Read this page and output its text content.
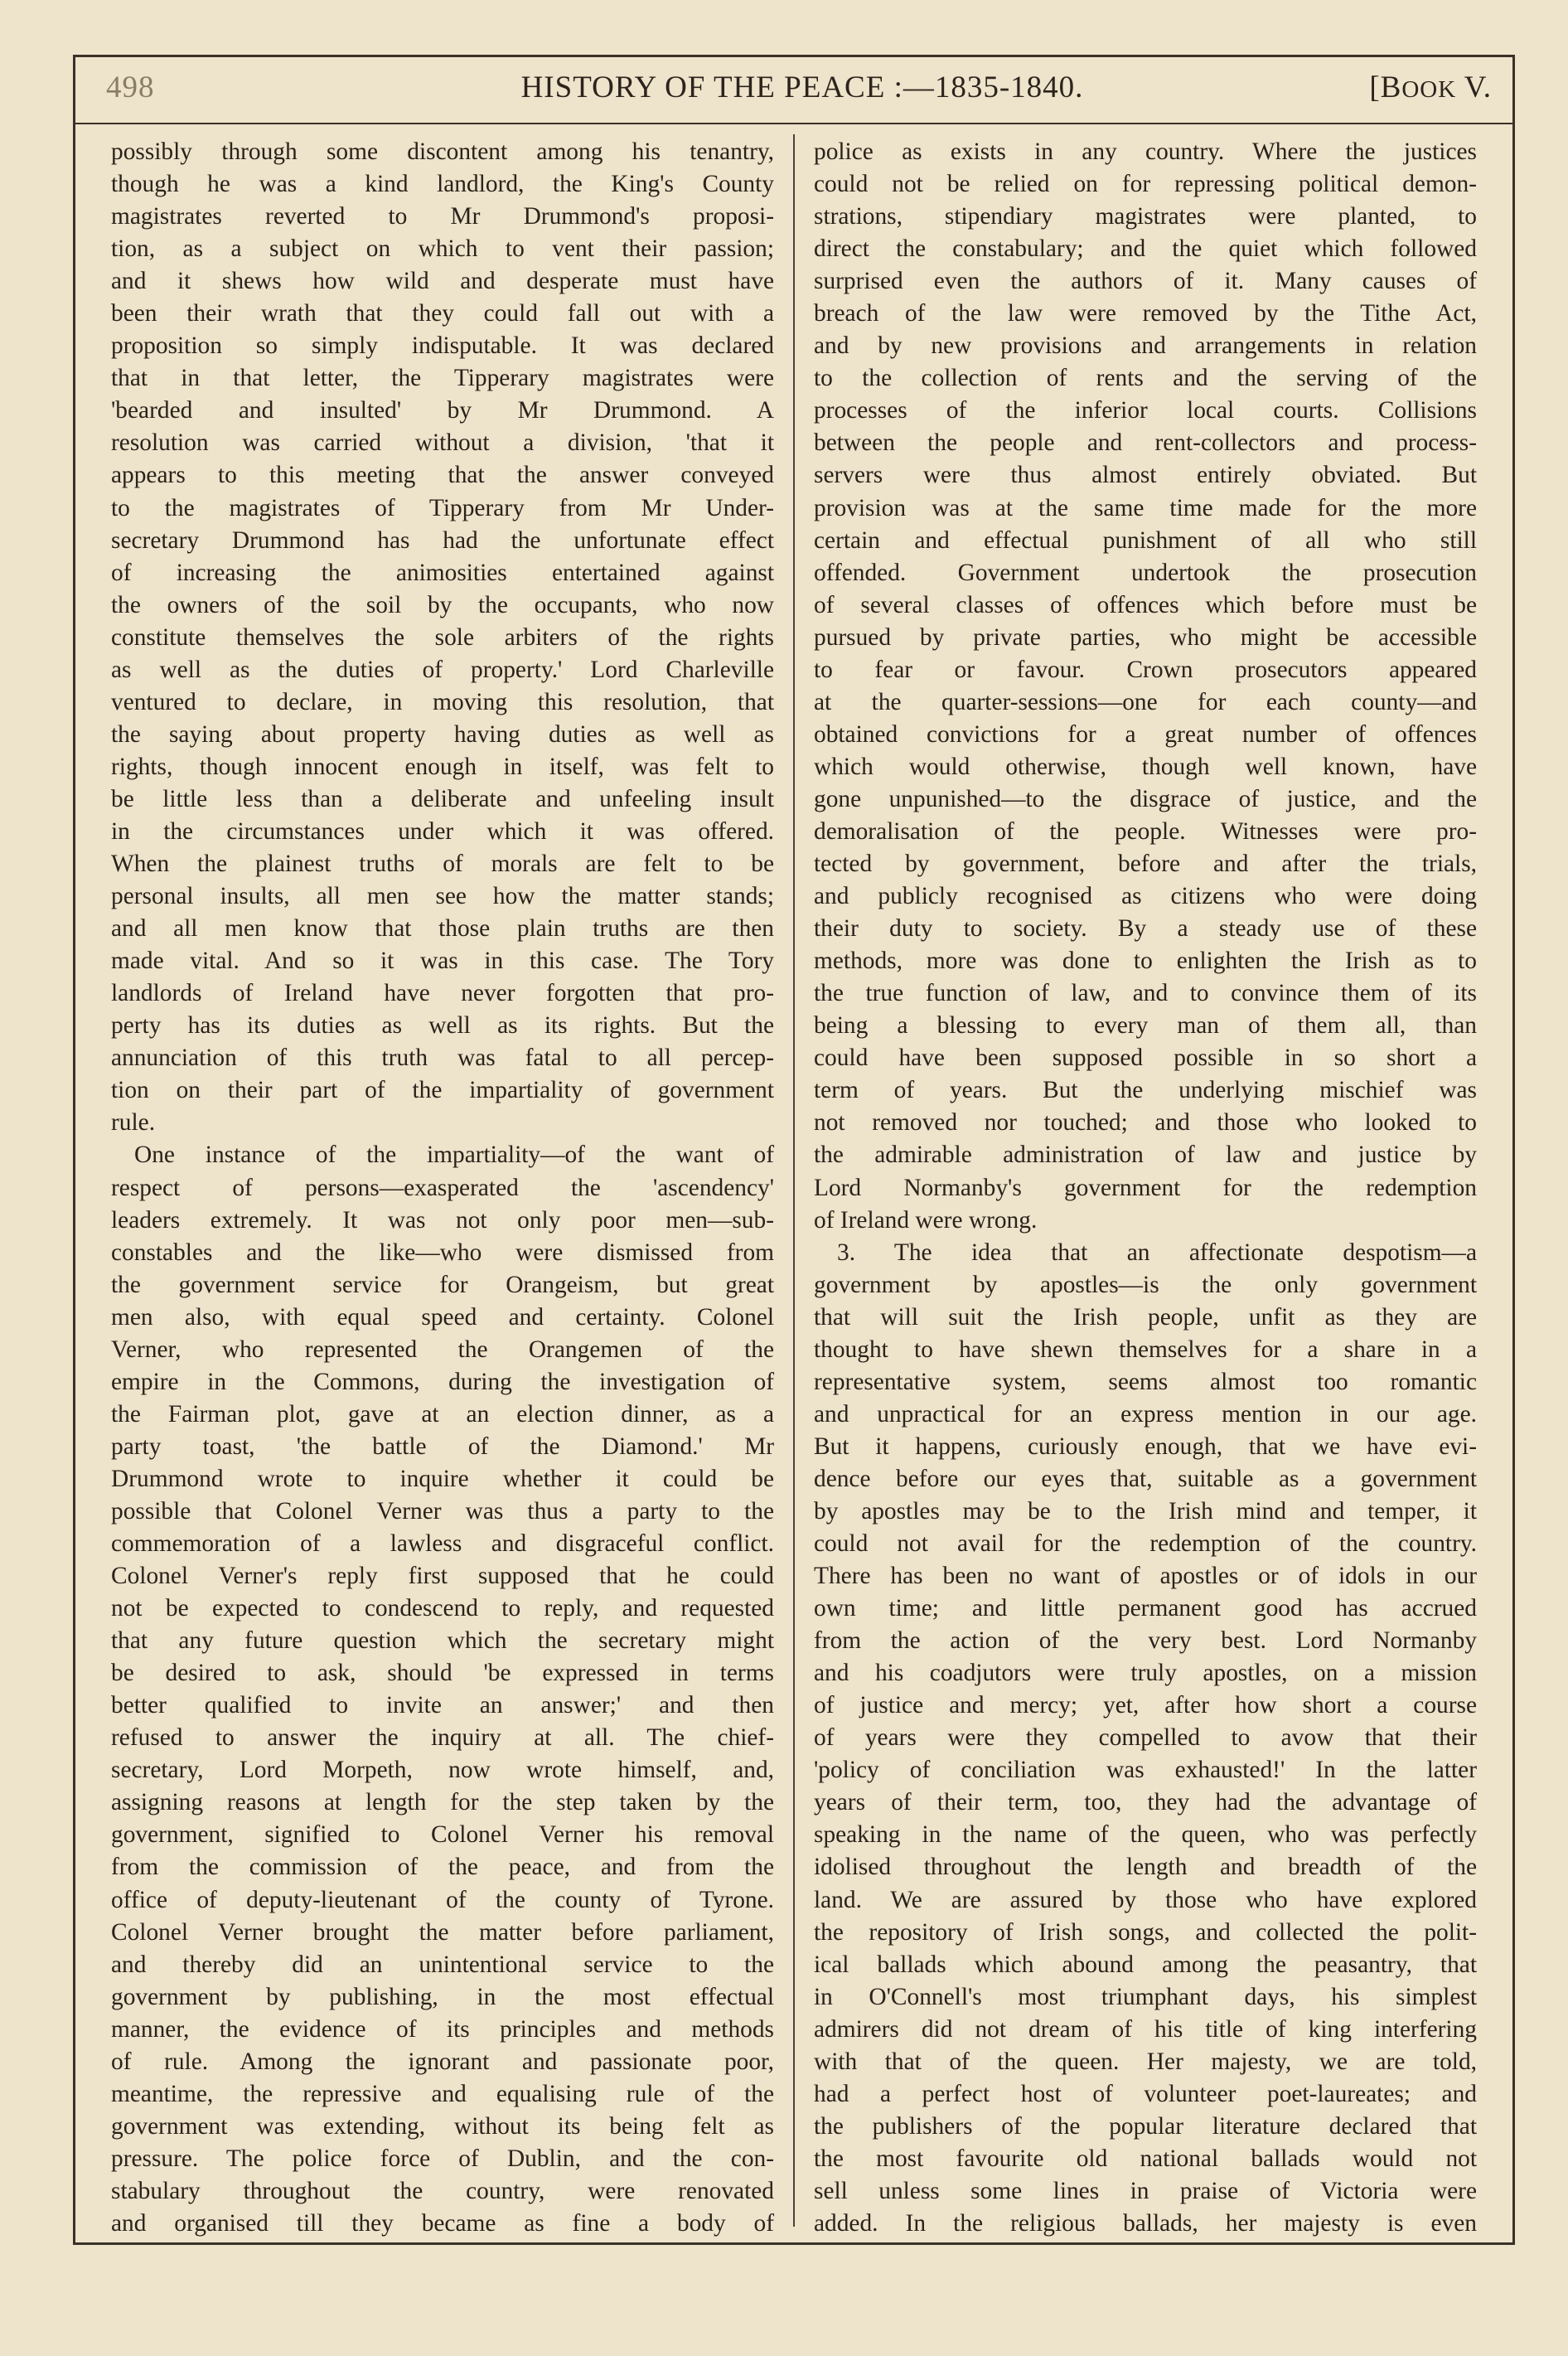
498	HISTORY OF THE PEACE :—1835-1840.	[BOOK V.
possibly through some discontent among his tenantry,
though he was a kind landlord, the King's County
magistrates reverted to Mr Drummond's proposi-
tion, as a subject on which to vent their passion;
and it shews how wild and desperate must have
been their wrath that they could fall out with a
proposition so simply indisputable. It was declared
that in that letter, the Tipperary magistrates were
'bearded and insulted' by Mr Drummond. A
resolution was carried without a division, 'that it
appears to this meeting that the answer conveyed
to the magistrates of Tipperary from Mr Under-
secretary Drummond has had the unfortunate effect
of increasing the animosities entertained against
the owners of the soil by the occupants, who now
constitute themselves the sole arbiters of the rights
as well as the duties of property.' Lord Charleville
ventured to declare, in moving this resolution, that
the saying about property having duties as well as
rights, though innocent enough in itself, was felt to
be little less than a deliberate and unfeeling insult
in the circumstances under which it was offered.
When the plainest truths of morals are felt to be
personal insults, all men see how the matter stands;
and all men know that those plain truths are then
made vital. And so it was in this case. The Tory
landlords of Ireland have never forgotten that pro-
perty has its duties as well as its rights. But the
annunciation of this truth was fatal to all percep-
tion on their part of the impartiality of government
rule.
One instance of the impartiality—of the want of
respect of persons—exasperated the 'ascendency'
leaders extremely. It was not only poor men—sub-
constables and the like—who were dismissed from
the government service for Orangeism, but great
men also, with equal speed and certainty. Colonel
Verner, who represented the Orangemen of the
empire in the Commons, during the investigation of
the Fairman plot, gave at an election dinner, as a
party toast, 'the battle of the Diamond.' Mr
Drummond wrote to inquire whether it could be
possible that Colonel Verner was thus a party to the
commemoration of a lawless and disgraceful conflict.
Colonel Verner's reply first supposed that he could
not be expected to condescend to reply, and requested
that any future question which the secretary might
be desired to ask, should 'be expressed in terms
better qualified to invite an answer;' and then
refused to answer the inquiry at all. The chief-
secretary, Lord Morpeth, now wrote himself, and,
assigning reasons at length for the step taken by the
government, signified to Colonel Verner his removal
from the commission of the peace, and from the
office of deputy-lieutenant of the county of Tyrone.
Colonel Verner brought the matter before parliament,
and thereby did an unintentional service to the
government by publishing, in the most effectual
manner, the evidence of its principles and methods
of rule. Among the ignorant and passionate poor,
meantime, the repressive and equalising rule of the
government was extending, without its being felt as
pressure. The police force of Dublin, and the con-
stabulary throughout the country, were renovated
and organised till they became as fine a body of
police as exists in any country. Where the justices
could not be relied on for repressing political demon-
strations, stipendiary magistrates were planted, to
direct the constabulary; and the quiet which followed
surprised even the authors of it. Many causes of
breach of the law were removed by the Tithe Act,
and by new provisions and arrangements in relation
to the collection of rents and the serving of the
processes of the inferior local courts. Collisions
between the people and rent-collectors and process-
servers were thus almost entirely obviated. But
provision was at the same time made for the more
certain and effectual punishment of all who still
offended. Government undertook the prosecution
of several classes of offences which before must be
pursued by private parties, who might be accessible
to fear or favour. Crown prosecutors appeared
at the quarter-sessions—one for each county—and
obtained convictions for a great number of offences
which would otherwise, though well known, have
gone unpunished—to the disgrace of justice, and the
demoralisation of the people. Witnesses were pro-
tected by government, before and after the trials,
and publicly recognised as citizens who were doing
their duty to society. By a steady use of these
methods, more was done to enlighten the Irish as to
the true function of law, and to convince them of its
being a blessing to every man of them all, than
could have been supposed possible in so short a
term of years. But the underlying mischief was
not removed nor touched; and those who looked to
the admirable administration of law and justice by
Lord Normanby's government for the redemption
of Ireland were wrong.
3. The idea that an affectionate despotism—a
government by apostles—is the only government
that will suit the Irish people, unfit as they are
thought to have shewn themselves for a share in a
representative system, seems almost too romantic
and unpractical for an express mention in our age.
But it happens, curiously enough, that we have evi-
dence before our eyes that, suitable as a government
by apostles may be to the Irish mind and temper, it
could not avail for the redemption of the country.
There has been no want of apostles or of idols in our
own time; and little permanent good has accrued
from the action of the very best. Lord Normanby
and his coadjutors were truly apostles, on a mission
of justice and mercy; yet, after how short a course
of years were they compelled to avow that their
'policy of conciliation was exhausted!' In the latter
years of their term, too, they had the advantage of
speaking in the name of the queen, who was perfectly
idolised throughout the length and breadth of the
land. We are assured by those who have explored
the repository of Irish songs, and collected the polit-
ical ballads which abound among the peasantry, that
in O'Connell's most triumphant days, his simplest
admirers did not dream of his title of king interfering
with that of the queen. Her majesty, we are told,
had a perfect host of volunteer poet-laureates; and
the publishers of the popular literature declared that
the most favourite old national ballads would not
sell unless some lines in praise of Victoria were
added. In the religious ballads, her majesty is even
